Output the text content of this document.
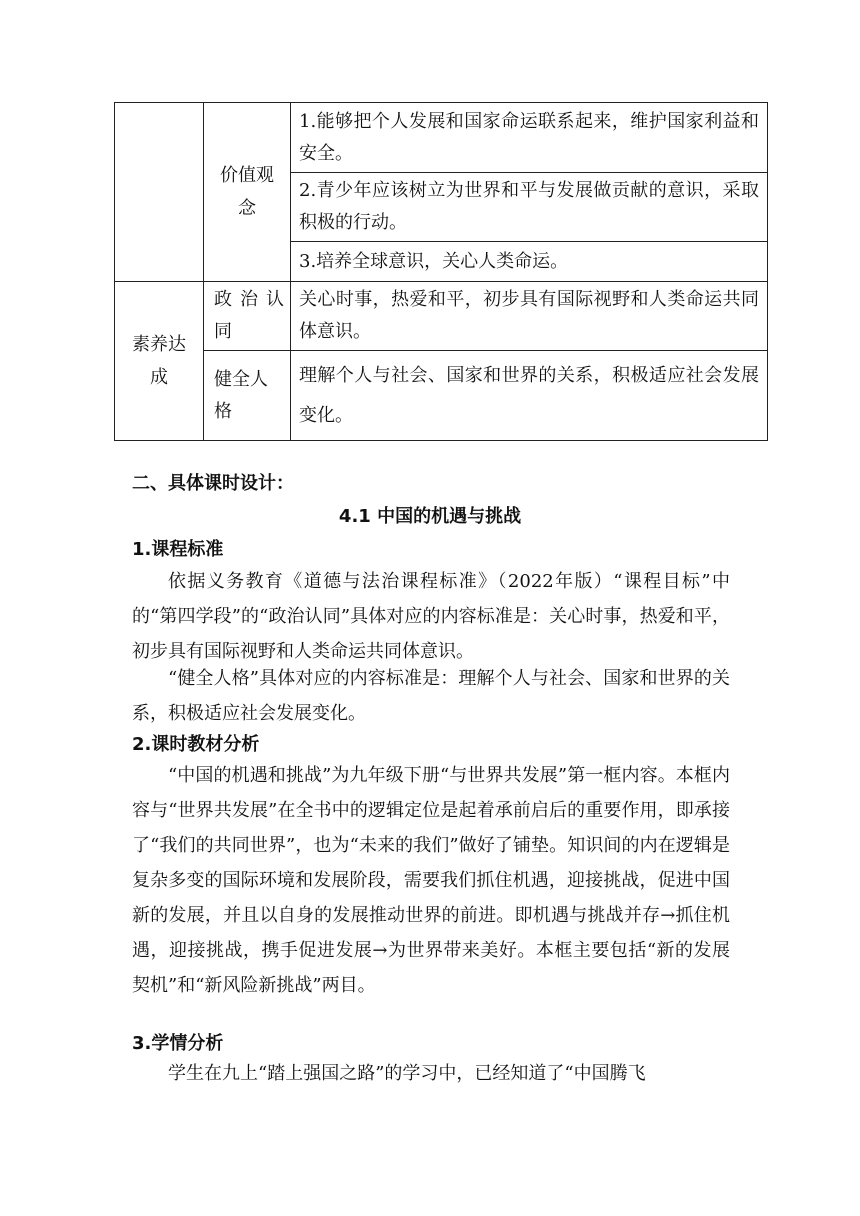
	价值观念	1.能够把个人发展和国家命运联系起来，维护国家利益和安全。
		2.青少年应该树立为世界和平与发展做贡献的意识，采取积极的行动。
		3.培养全球意识，关心人类命运。

素养达成	政治认同	关心时事，热爱和平，初步具有国际视野和人类命运共同体意识。

	健全人格	理解个人与社会、国家和世界的关系，积极适应社会发展变化。
二、具体课时设计：
4.1 中国的机遇与挑战
1.课程标准
依据义务教育《道德与法治课程标准》（2022年版）“课程目标”中的“第四学段”的“政治认同”具体对应的内容标准是：关心时事，热爱和平，初步具有国际视野和人类命运共同体意识。
“健全人格”具体对应的内容标准是：理解个人与社会、国家和世界的关系，积极适应社会发展变化。
2.课时教材分析
“中国的机遇和挑战”为九年级下册“与世界共发展”第一框内容。本框内容与“世界共发展”在全书中的逻辑定位是起着承前启后的重要作用，即承接了“我们的共同世界”，也为“未来的我们”做好了铺垫。知识间的内在逻辑是复杂多变的国际环境和发展阶段，需要我们抓住机遇，迎接挑战，促进中国新的发展，并且以自身的发展推动世界的前进。即机遇与挑战并存→抓住机遇，迎接挑战，携手促进发展→为世界带来美好。本框主要包括“新的发展契机”和“新风险新挑战”两目。
3.学情分析
学生在九上“踏上强国之路”的学习中，已经知道了“中国腾飞
